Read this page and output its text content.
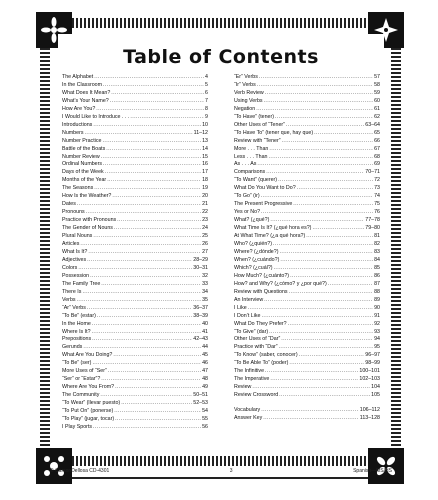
Table of Contents
The Alphabet .....	4
In the Classroom .....	5
What Does It Mean? .....	6
What’s Your Name? .....	7
How Are You? .....	8
I Would Like to Introduce . . . .....	9
Introductions .....	10
Numbers .....	11–12
Number Practice .....	13
Battle of the Boats .....	14
Number Review .....	15
Ordinal Numbers .....	16
Days of the Week .....	17
Months of the Year .....	18
The Seasons .....	19
How Is the Weather? .....	20
Dates .....	21
Pronouns .....	22
Practice with Pronouns .....	23
The Gender of Nouns .....	24
Plural Nouns .....	25
Articles .....	26
What Is It? .....	27
Adjectives .....	28–29
Colors .....	30–31
Possession .....	32
The Family Tree .....	33
There Is .....	34
Verbs .....	35
“Ar” Verbs .....	36–37
“To Be” (estar) .....	38–39
In the Home .....	40
Where Is It? .....	41
Prepositions .....	42–43
Gerunds .....	44
What Are You Doing? .....	45
“To Be” (ser) .....	46
More Uses of “Ser” .....	47
“Ser” or “Estar”? .....	48
Where Are You From? .....	49
The Community .....	50–51
“To Wear” (llevar puesto) .....	52–53
“To Put On” (ponerse) .....	54
“To Play” (jugar, tocar) .....	55
I Play Sports .....	56
“Er” Verbs .....	57
“Ir” Verbs .....	58
Verb Review .....	59
Using Verbs .....	60
Negation .....	61
“To Have” (tener) .....	62
Other Uses of “Tener” .....	63–64
“To Have To” (tener que, hay que) .....	65
Review with “Tener” .....	66
More . . . Than .....	67
Less . . . Than .....	68
As . . . As .....	69
Comparisons .....	70–71
“To Want” (querer) .....	72
What Do You Want to Do? .....	73
“To Go” (ir) .....	74
The Present Progressive .....	75
Yes or No? .....	76
What? (¿qué?) .....	77–78
What Time Is It? (¿qué hora es?) .....	79–80
At What Time? (¿a qué hora?) .....	81
Who? (¿quién?) .....	82
Where? (¿dónde?) .....	83
When? (¿cuándo?) .....	84
Which? (¿cuál?) .....	85
How Much? (¿cuánto?) .....	86
How? and Why? (¿cómo? y ¿por qué?) .....	87
Review with Questions .....	88
An Interview .....	89
I Like .....	90
I Don’t Like .....	91
What Do They Prefer? .....	92
“To Give” (dar) .....	93
Other Uses of “Dar” .....	94
Practice with “Dar” .....	95
“To Know” (saber, conocer) .....	96–97
“To Be Able To” (poder) .....	98–99
The Infinitive .....	100–101
The Imperative .....	102–103
Review .....	104
Review Crossword .....	105
Vocabulary .....	106–112
Answer Key .....	113–128
© CarsonDellosa CD-4301	3	Spanish—MS/HS
